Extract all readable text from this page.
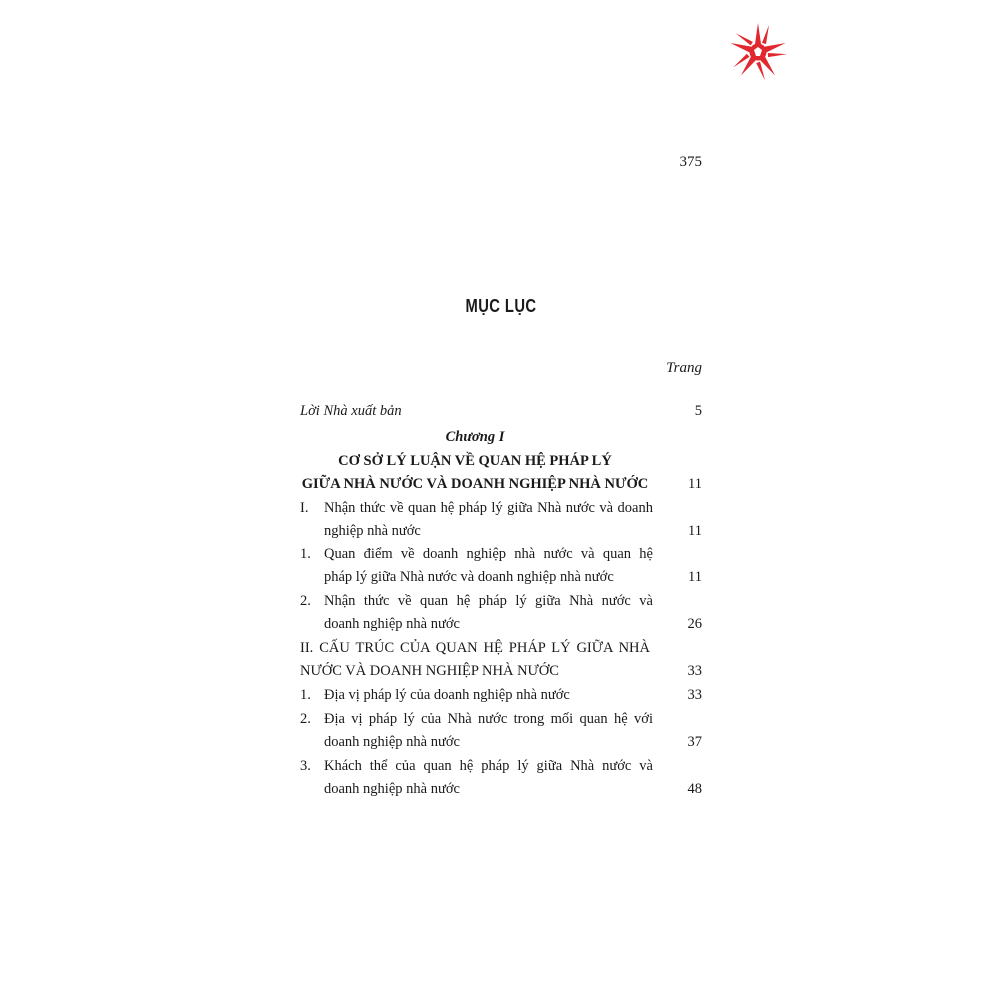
375
MỤC LỤC
Trang
Lời Nhà xuất bản	5
Chương I
CƠ SỞ LÝ LUẬN VỀ QUAN HỆ PHÁP LÝ
GIỮA NHÀ NƯỚC VÀ DOANH NGHIỆP NHÀ NƯỚC	11
I. Nhận thức về quan hệ pháp lý giữa Nhà nước và doanh
nghiệp nhà nước	11
1. Quan điểm về doanh nghiệp nhà nước và quan hệ
pháp lý giữa Nhà nước và doanh nghiệp nhà nước	11
2. Nhận thức về quan hệ pháp lý giữa Nhà nước và
doanh nghiệp nhà nước	26
II. CẤU TRÚC CỦA QUAN HỆ PHÁP LÝ GIỮA NHÀ
NƯỚC VÀ DOANH NGHIỆP NHÀ NƯỚC	33
1. Địa vị pháp lý của doanh nghiệp nhà nước	33
2. Địa vị pháp lý của Nhà nước trong mối quan hệ với
doanh nghiệp nhà nước	37
3. Khách thể của quan hệ pháp lý giữa Nhà nước và
doanh nghiệp nhà nước	48
